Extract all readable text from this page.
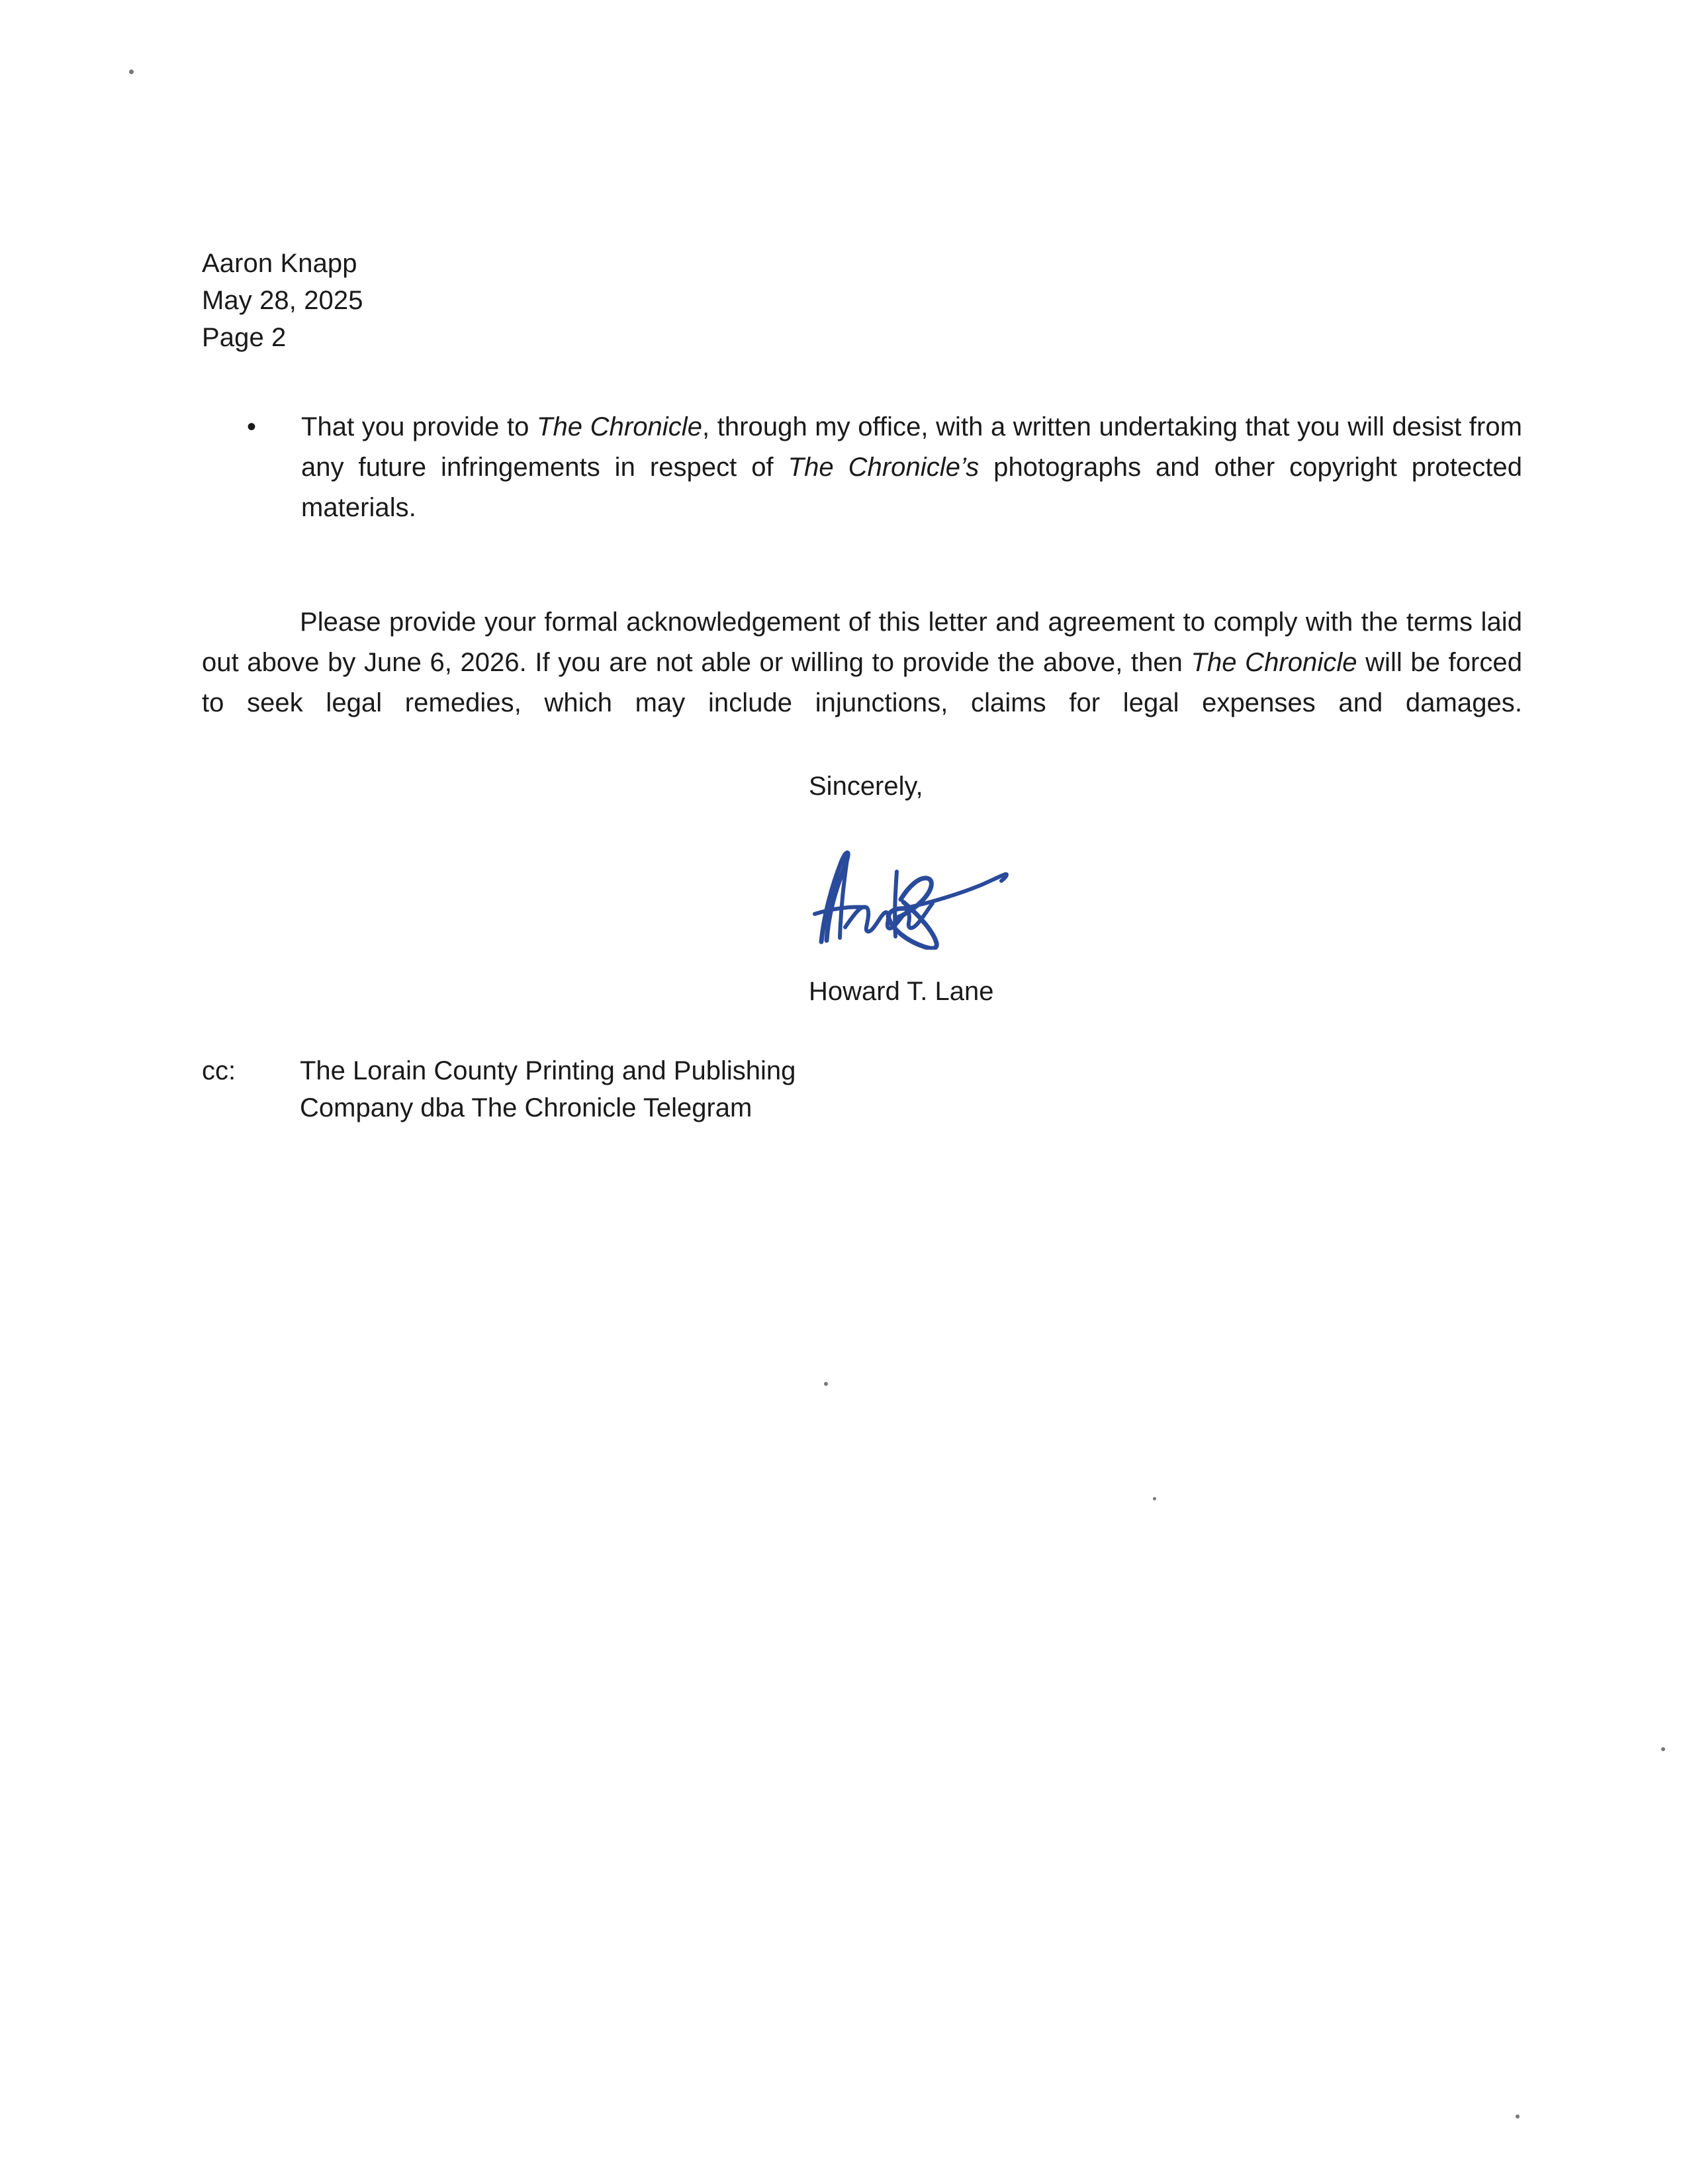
Aaron Knapp
May 28, 2025
Page 2
• That you provide to The Chronicle, through my office, with a written undertaking that you will desist from any future infringements in respect of The Chronicle’s photographs and other copyright protected materials.

Please provide your formal acknowledgement of this letter and agreement to comply with the terms laid out above by June 6, 2026. If you are not able or willing to provide the above, then The Chronicle will be forced to seek legal remedies, which may include injunctions, claims for legal expenses and damages.

Sincerely,
Howard T. Lane
cc:	The Lorain County Printing and Publishing
Company dba The Chronicle Telegram
